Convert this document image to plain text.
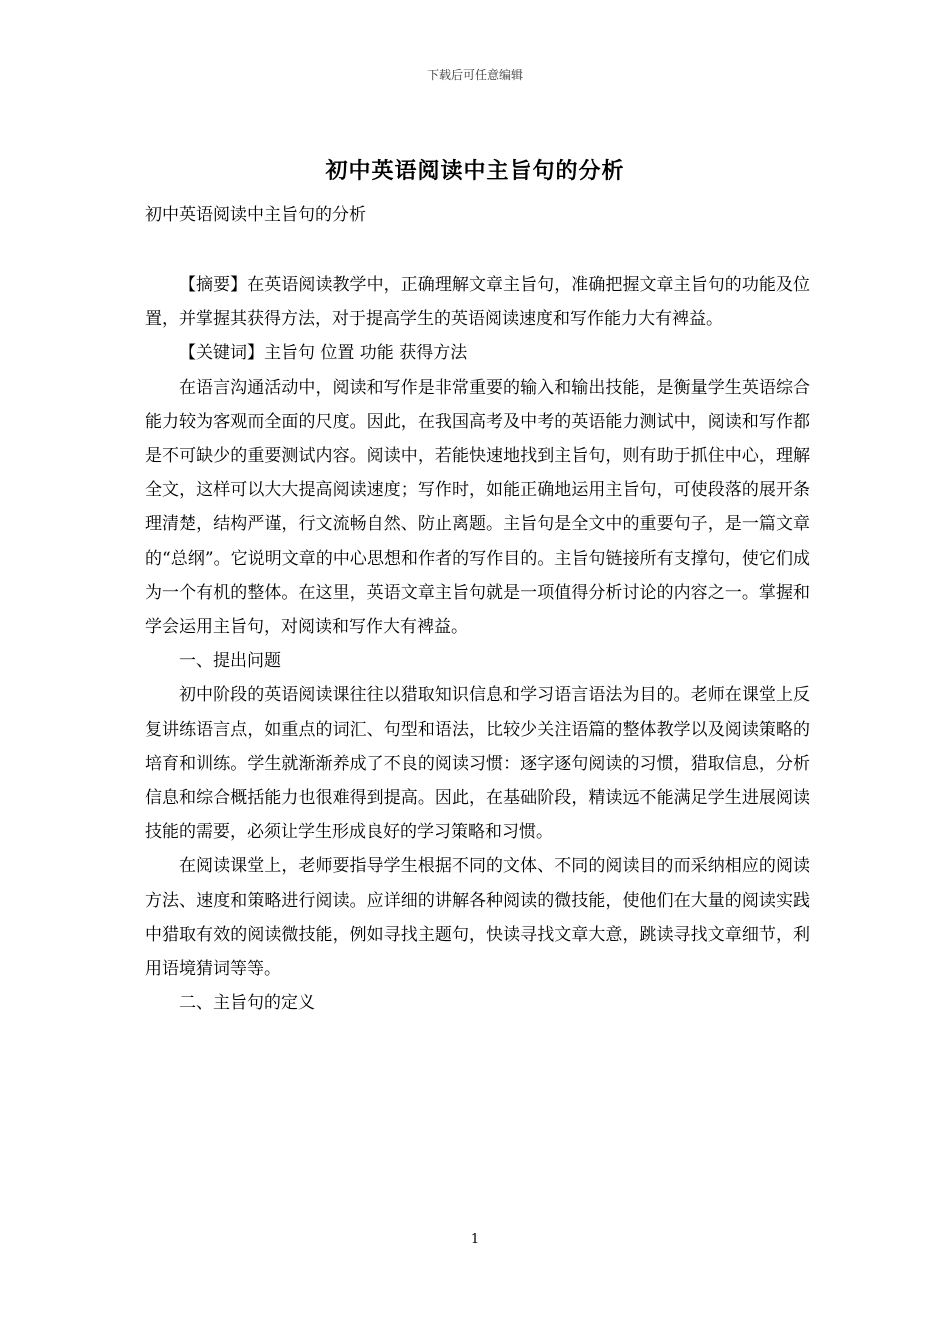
下载后可任意编辑
初中英语阅读中主旨句的分析
初中英语阅读中主旨句的分析

【摘要】在英语阅读教学中，正确理解文章主旨句，准确把握文章主旨句的功能及位置，并掌握其获得方法，对于提高学生的英语阅读速度和写作能力大有裨益。

【关键词】主旨句 位置 功能 获得方法

在语言沟通活动中，阅读和写作是非常重要的输入和输出技能，是衡量学生英语综合能力较为客观而全面的尺度。因此，在我国高考及中考的英语能力测试中，阅读和写作都是不可缺少的重要测试内容。阅读中，若能快速地找到主旨句，则有助于抓住中心，理解全文，这样可以大大提高阅读速度；写作时，如能正确地运用主旨句，可使段落的展开条理清楚，结构严谨，行文流畅自然、防止离题。主旨句是全文中的重要句子，是一篇文章的“总纲”。它说明文章的中心思想和作者的写作目的。主旨句链接所有支撑句，使它们成为一个有机的整体。在这里，英语文章主旨句就是一项值得分析讨论的内容之一。掌握和学会运用主旨句，对阅读和写作大有裨益。

一、提出问题

初中阶段的英语阅读课往往以猎取知识信息和学习语言语法为目的。老师在课堂上反复讲练语言点，如重点的词汇、句型和语法，比较少关注语篇的整体教学以及阅读策略的培育和训练。学生就渐渐养成了不良的阅读习惯：逐字逐句阅读的习惯，猎取信息，分析信息和综合概括能力也很难得到提高。因此，在基础阶段，精读远不能满足学生进展阅读技能的需要，必须让学生形成良好的学习策略和习惯。

在阅读课堂上，老师要指导学生根据不同的文体、不同的阅读目的而采纳相应的阅读方法、速度和策略进行阅读。应详细的讲解各种阅读的微技能，使他们在大量的阅读实践中猎取有效的阅读微技能，例如寻找主题句，快读寻找文章大意，跳读寻找文章细节，利用语境猜词等等。

二、主旨句的定义

1
